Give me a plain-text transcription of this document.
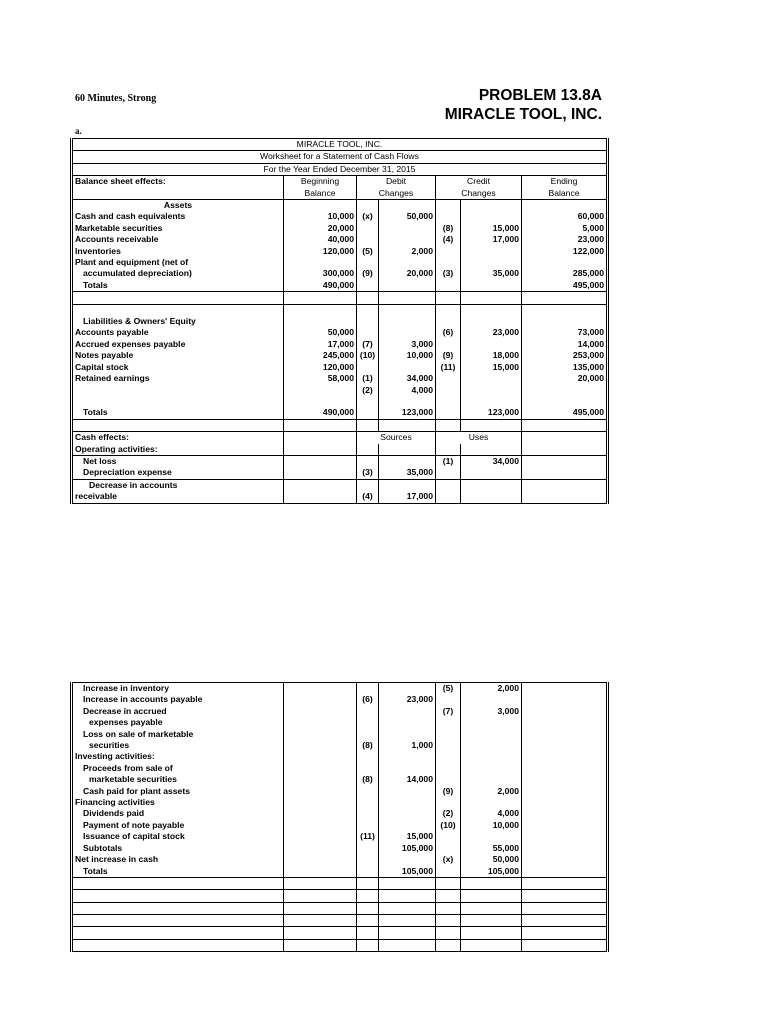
60 Minutes, Strong
a.
PROBLEM 13.8A
MIRACLE TOOL, INC.
MIRACLE TOOL, INC.						
Worksheet for a Statement of Cash Flows						
For the Year Ended December 31, 2015						
Balance sheet effects:	Beginning	Debit		Credit		Ending
	Balance	Changes		Changes		Balance
Assets						
Cash and cash equivalents	10,000	(x)	50,000			60,000
Marketable securities	20,000			(8)	15,000	5,000
Accounts receivable	40,000			(4)	17,000	23,000
Inventories	120,000	(5)	2,000			122,000
Plant and equipment (net of						
accumulated depreciation)	300,000	(9)	20,000	(3)	35,000	285,000
Totals	490,000					495,000

Liabilities & Owners' Equity						
Accounts payable	50,000			(6)	23,000	73,000
Accrued expenses payable	17,000	(7)	3,000			14,000
Notes payable	245,000	(10)	10,000	(9)	18,000	253,000
Capital stock	120,000			(11)	15,000	135,000
Retained earnings	58,000	(1)	34,000			20,000
		(2)	4,000			

Totals	490,000		123,000		123,000	495,000

Cash effects:		Sources		Uses		
Operating activities:						
Net loss				(1)	34,000	
Depreciation expense		(3)	35,000			
Decrease in accounts						
receivable		(4)	17,000			
Increase in inventory				(5)	2,000	
Increase in accounts payable		(6)	23,000			
Decrease in accrued				(7)	3,000	
expenses payable						
Loss on sale of marketable						
securities		(8)	1,000			
Investing activities:						
Proceeds from sale of						
marketable securities		(8)	14,000			
Cash paid for plant assets				(9)	2,000	
Financing activities						
Dividends paid				(2)	4,000	
Payment of note payable				(10)	10,000	
Issuance of capital stock		(11)	15,000			
Subtotals			105,000		55,000	
Net increase in cash				(x)	50,000	
Totals			105,000		105,000	
